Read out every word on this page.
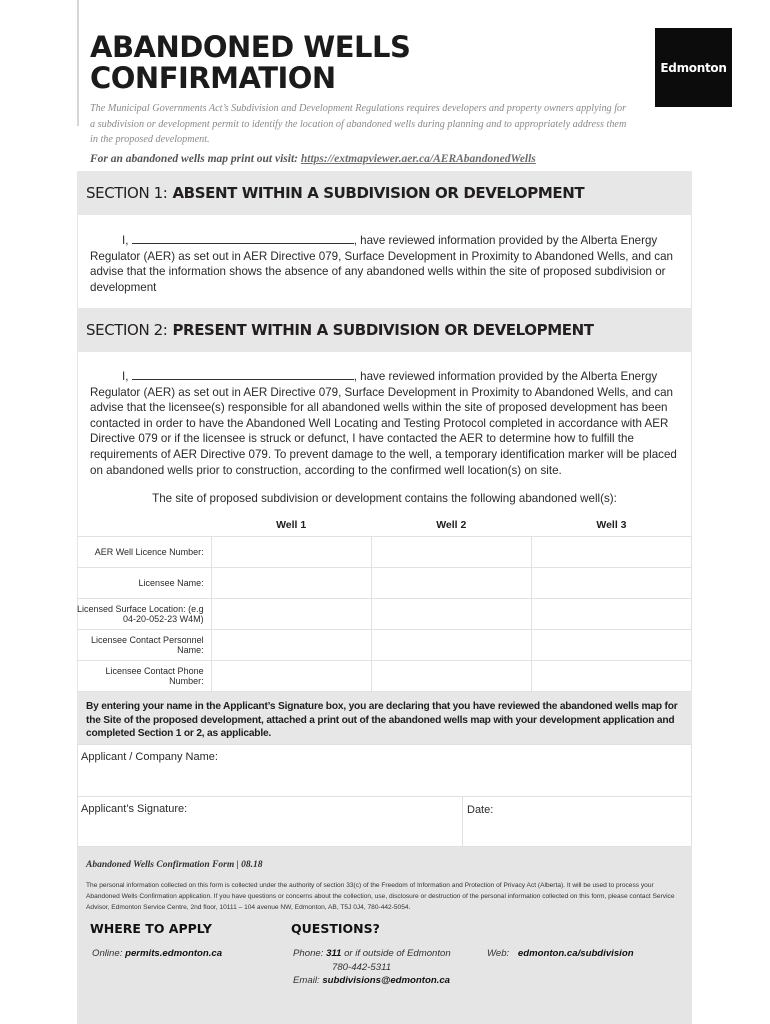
ABANDONED WELLS
CONFIRMATION	Edmonton
The Municipal Governments Act’s Subdivision and Development Regulations requires developers and property owners applying for a subdivision or development permit to identify the location of abandoned wells during planning and to appropriately address them in the proposed development.
For an abandoned wells map print out visit: https://extmapviewer.aer.ca/AERAbandonedWells
SECTION 1: ABSENT WITHIN A SUBDIVISION OR DEVELOPMENT
I,	, have reviewed information provided by the Alberta Energy Regulator (AER) as set out in AER Directive 079, Surface Development in Proximity to Abandoned Wells, and can advise that the information shows the absence of any abandoned wells within the site of proposed subdivision or development
SECTION 2: PRESENT WITHIN A SUBDIVISION OR DEVELOPMENT
I,	, have reviewed information provided by the Alberta Energy Regulator (AER) as set out in AER Directive 079, Surface Development in Proximity to Abandoned Wells, and can advise that the licensee(s) responsible for all abandoned wells within the site of proposed development has been contacted in order to have the Abandoned Well Locating and Testing Protocol completed in accordance with AER Directive 079 or if the licensee is struck or defunct, I have contacted the AER to determine how to fulfill the requirements of AER Directive 079. To prevent damage to the well, a temporary identification marker will be placed on abandoned wells prior to construction, according to the confirmed well location(s) on site.
The site of proposed subdivision or development contains the following abandoned well(s):
	Well 1	Well 2	Well 3
AER Well Licence Number:			
Licensee Name:			
Licensed Surface Location: (e.g 04-20-052-23 W4M)			
Licensee Contact Personnel Name:			
Licensee Contact Phone Number:			
By entering your name in the Applicant’s Signature box, you are declaring that you have reviewed the abandoned wells map for the Site of the proposed development, attached a print out of the abandoned wells map with your development application and completed Section 1 or 2, as applicable.
Applicant / Company Name:
Applicant’s Signature:	Date:
Abandoned Wells Confirmation Form | 08.18
The personal information collected on this form is collected under the authority of section 33(c) of the Freedom of Information and Protection of Privacy Act (Alberta). It will be used to process your Abandoned Wells Confirmation application. If you have questions or concerns about the collection, use, disclosure or destruction of the personal information collected on this form, please contact Service Advisor, Edmonton Service Centre, 2nd floor, 10111 – 104 avenue NW, Edmonton, AB, T5J 0J4, 780-442-5054.
WHERE TO APPLY
Online: permits.edmonton.ca
QUESTIONS?
Phone: 311 or if outside of Edmonton
780-442-5311
Email: subdivisions@edmonton.ca
Web: edmonton.ca/subdivision
